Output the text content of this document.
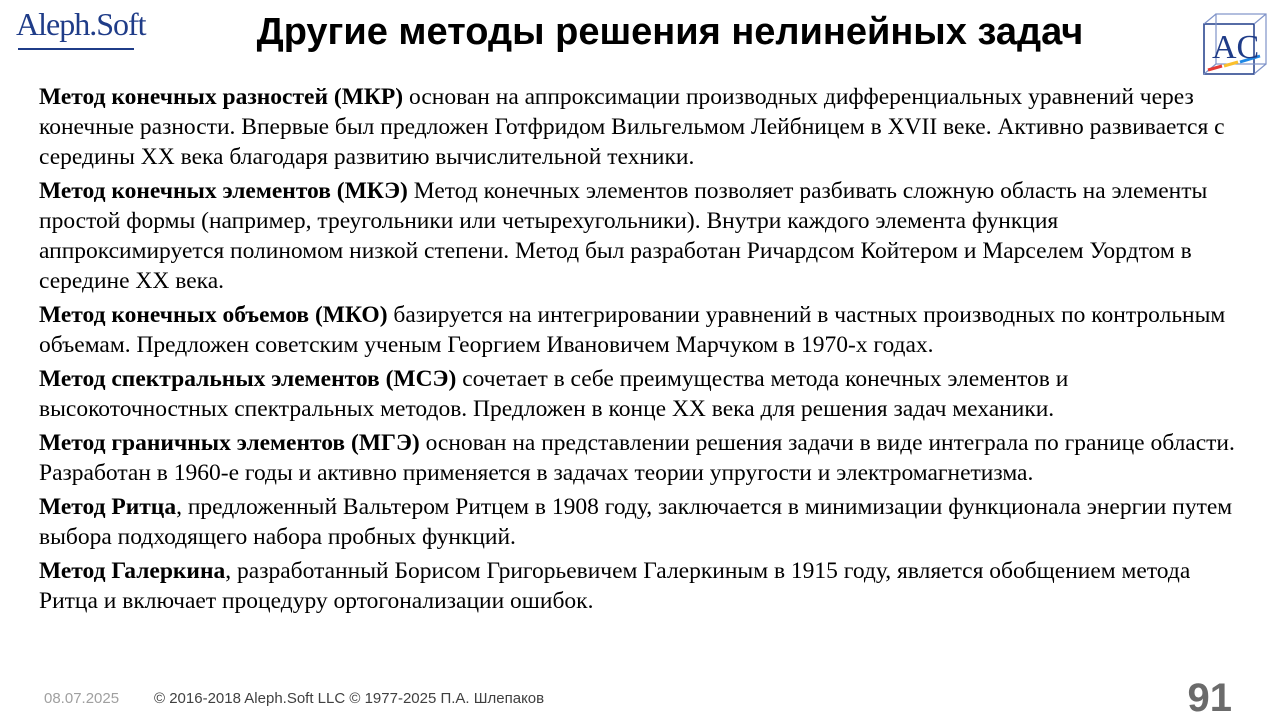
Aleph.Soft	Другие методы решения нелинейных задач	AC

Метод конечных разностей (МКР) основан на аппроксимации производных дифференциальных уравнений через конечные разности. Впервые был предложен Готфридом Вильгельмом Лейбницем в XVII веке. Активно развивается с середины XX века благодаря развитию вычислительной техники.

Метод конечных элементов (МКЭ) Метод конечных элементов позволяет разбивать сложную область на элементы простой формы (например, треугольники или четырехугольники). Внутри каждого элемента функция аппроксимируется полиномом низкой степени. Метод был разработан Ричардсом Койтером и Марселем Уордтом в середине XX века.

Метод конечных объемов (МКО) базируется на интегрировании уравнений в частных производных по контрольным объемам. Предложен советским ученым Георгием Ивановичем Марчуком в 1970-х годах.

Метод спектральных элементов (МСЭ) сочетает в себе преимущества метода конечных элементов и высокоточностных спектральных методов. Предложен в конце XX века для решения задач механики.

Метод граничных элементов (МГЭ) основан на представлении решения задачи в виде интеграла по границе области. Разработан в 1960-е годы и активно применяется в задачах теории упругости и электромагнетизма.

Метод Ритца, предложенный Вальтером Ритцем в 1908 году, заключается в минимизации функционала энергии путем выбора подходящего набора пробных функций.

Метод Галеркина, разработанный Борисом Григорьевичем Галеркиным в 1915 году, является обобщением метода Ритца и включает процедуру ортогонализации ошибок.

08.07.2025 © 2016-2018 Aleph.Soft LLC © 1977-2025 П.А. Шлепаков	91
